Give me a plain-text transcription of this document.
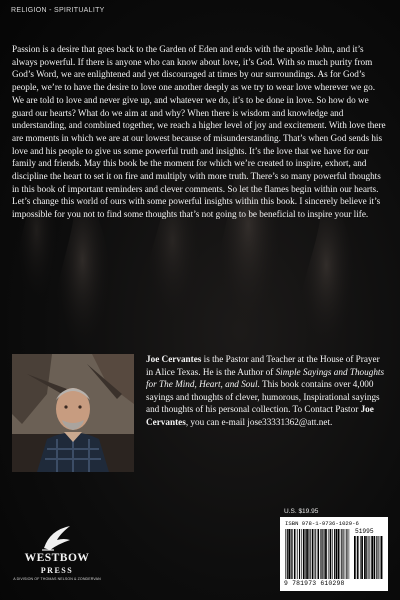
RELIGION - SPIRITUALITY
Passion is a desire that goes back to the Garden of Eden and ends with the apostle John, and it’s always powerful. If there is anyone who can know about love, it’s God. With so much purity from God’s Word, we are enlightened and yet discouraged at times by our surroundings. As for God’s people, we’re to have the desire to love one another deeply as we try to wear love wherever we go. We are told to love and never give up, and whatever we do, it’s to be done in love. So how do we guard our hearts? What do we aim at and why? When there is wisdom and knowledge and understanding, and combined together, we reach a higher level of joy and excitement. With love there are moments in which we are at our lowest because of misunderstanding. That’s when God sends his love and his people to give us some powerful truth and insights. It’s the love that we have for our family and friends. May this book be the moment for which we’re created to inspire, exhort, and discipline the heart to set it on fire and multiply with more truth. There’s so many powerful thoughts in this book of important reminders and clever comments. So let the flames begin within our hearts. Let’s change this world of ours with some powerful insights within this book. I sincerely believe it’s impossible for you not to find some thoughts that’s not going to be beneficial to inspire your life.
Joe Cervantes is the Pastor and Teacher at the House of Prayer in Alice Texas. He is the Author of Simple Sayings and Thoughts for The Mind, Heart, and Soul. This book contains over 4,000 sayings and thoughts of clever, humorous, Inspirational sayings and thoughts of his personal collection. To Contact Pastor Joe Cervantes, you can e-mail jose33331362@att.net.
U.S. $19.95
ISBN 978-1-9736-1029-6
51995
9 781973 610298
WESTBOW
PRESS
A DIVISION OF THOMAS NELSON & ZONDERVAN
